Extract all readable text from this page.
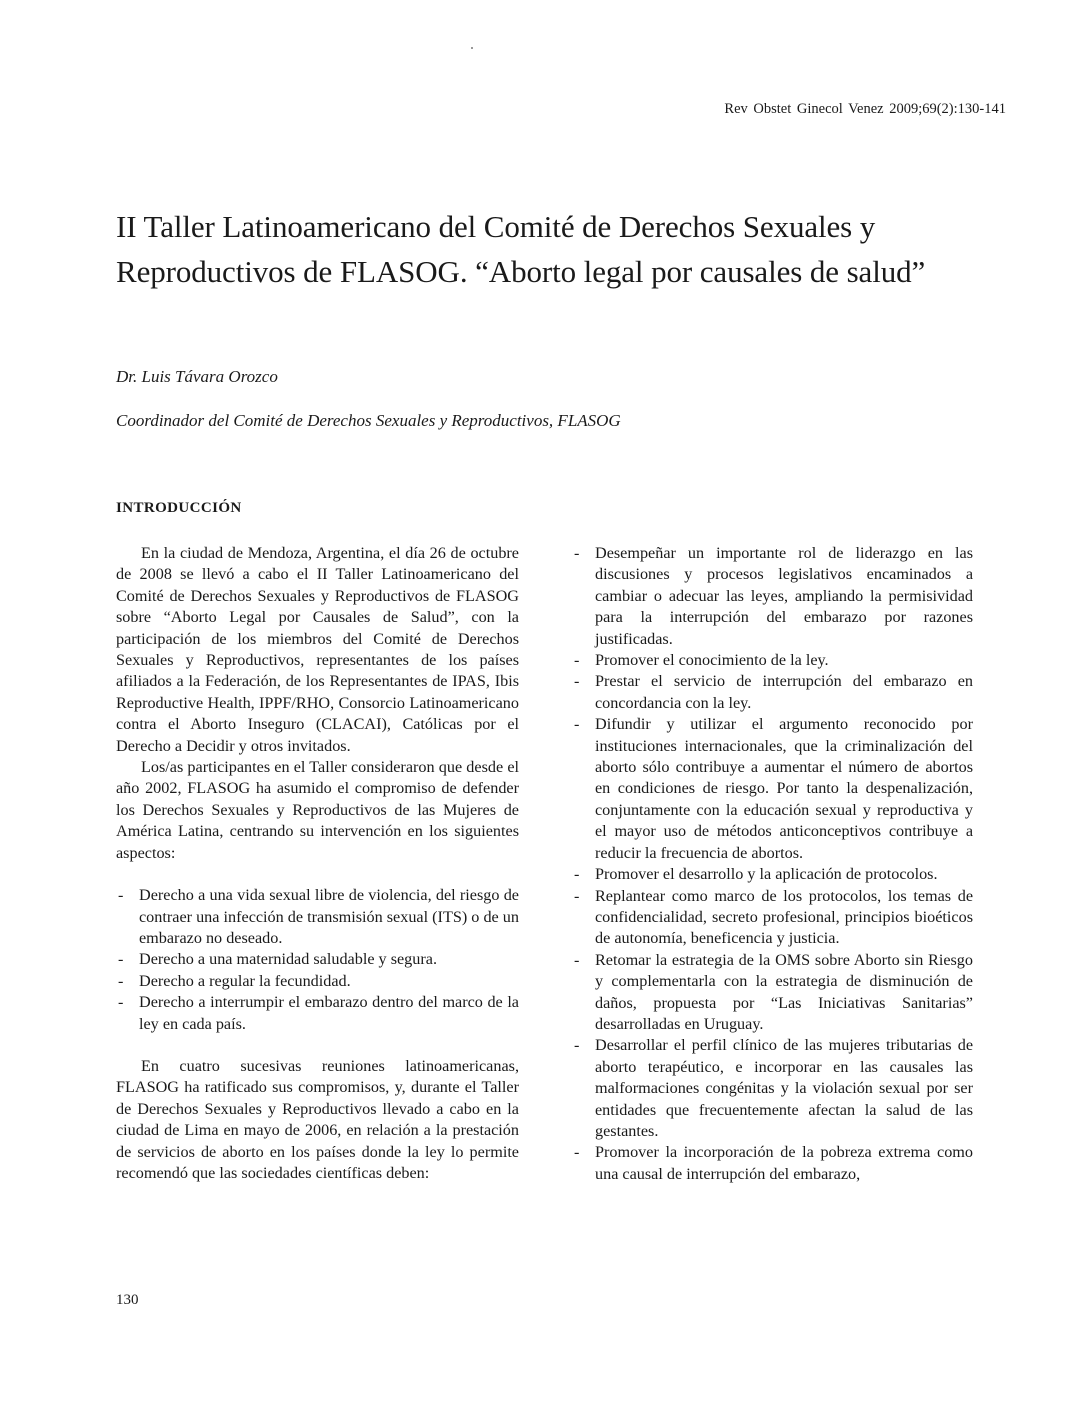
Rev Obstet Ginecol Venez 2009;69(2):130-141
II Taller Latinoamericano del Comité de Derechos Sexuales y Reproductivos de FLASOG. “Aborto legal por causales de salud”
Dr. Luis Távara Orozco
Coordinador del Comité de Derechos Sexuales y Reproductivos, FLASOG
INTRODUCCIÓN

En la ciudad de Mendoza, Argentina, el día 26 de octubre de 2008 se llevó a cabo el II Taller Latinoamericano del Comité de Derechos Sexuales y Reproductivos de FLASOG sobre “Aborto Legal por Causales de Salud”, con la participación de los miembros del Comité de Derechos Sexuales y Reproductivos, representantes de los países afiliados a la Federación, de los Representantes de IPAS, Ibis Reproductive Health, IPPF/RHO, Consorcio Latinoamericano contra el Aborto Inseguro (CLACAI), Católicas por el Derecho a Decidir y otros invitados.

Los/as participantes en el Taller consideraron que desde el año 2002, FLASOG ha asumido el compromiso de defender los Derechos Sexuales y Reproductivos de las Mujeres de América Latina, centrando su intervención en los siguientes aspectos:

- Derecho a una vida sexual libre de violencia, del riesgo de contraer una infección de transmisión sexual (ITS) o de un embarazo no deseado.
- Derecho a una maternidad saludable y segura.
- Derecho a regular la fecundidad.
- Derecho a interrumpir el embarazo dentro del marco de la ley en cada país.

En cuatro sucesivas reuniones latinoamericanas, FLASOG ha ratificado sus compromisos, y, durante el Taller de Derechos Sexuales y Reproductivos llevado a cabo en la ciudad de Lima en mayo de 2006, en relación a la prestación de servicios de aborto en los países donde la ley lo permite recomendó que las sociedades científicas deben:

- Desempeñar un importante rol de liderazgo en las discusiones y procesos legislativos encaminados a cambiar o adecuar las leyes, ampliando la permisividad para la interrupción del embarazo por razones justificadas.
- Promover el conocimiento de la ley.
- Prestar el servicio de interrupción del embarazo en concordancia con la ley.
- Difundir y utilizar el argumento reconocido por instituciones internacionales, que la criminalización del aborto sólo contribuye a aumentar el número de abortos en condiciones de riesgo. Por tanto la despenalización, conjuntamente con la educación sexual y reproductiva y el mayor uso de métodos anticonceptivos contribuye a reducir la frecuencia de abortos.
- Promover el desarrollo y la aplicación de protocolos.
- Replantear como marco de los protocolos, los temas de confidencialidad, secreto profesional, principios bioéticos de autonomía, beneficencia y justicia.
- Retomar la estrategia de la OMS sobre Aborto sin Riesgo y complementarla con la estrategia de disminución de daños, propuesta por “Las Iniciativas Sanitarias” desarrolladas en Uruguay.
- Desarrollar el perfil clínico de las mujeres tributarias de aborto terapéutico, e incorporar en las causales las malformaciones congénitas y la violación sexual por ser entidades que frecuentemente afectan la salud de las gestantes.
- Promover la incorporación de la pobreza extrema como una causal de interrupción del embarazo,
130
